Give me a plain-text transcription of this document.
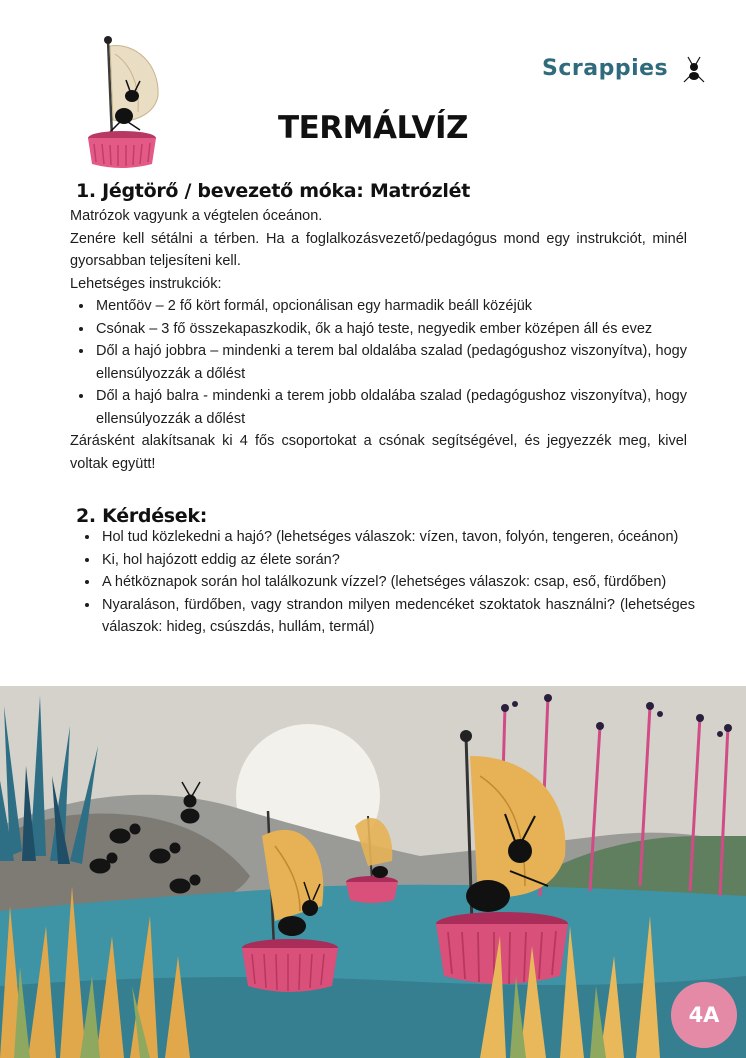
Scrappies
TERMÁLVÍZ
1. Jégtörő / bevezető móka: Matrózlét

Matrózok vagyunk a végtelen óceánon.

Zenére kell sétálni a térben. Ha a foglalkozásvezető/pedagógus mond egy instrukciót, minél gyorsabban teljesíteni kell.

Lehetséges instrukciók:

• Mentőöv – 2 fő kört formál, opcionálisan egy harmadik beáll közéjük
• Csónak – 3 fő összekapaszkodik, ők a hajó teste, negyedik ember középen áll és evez
• Dől a hajó jobbra – mindenki a terem bal oldalába szalad (pedagógushoz viszonyítva), hogy ellensúlyozzák a dőlést
• Dől a hajó balra - mindenki a terem jobb oldalába szalad (pedagógushoz viszonyítva), hogy ellensúlyozzák a dőlést

Zárásként alakítsanak ki 4 fős csoportokat a csónak segítségével, és jegyezzék meg, kivel voltak együtt!

2. Kérdések:
• Hol tud közlekedni a hajó? (lehetséges válaszok: vízen, tavon, folyón, tengeren, óceánon)
• Ki, hol hajózott eddig az élete során?
• A hétköznapok során hol találkozunk vízzel? (lehetséges válaszok: csap, eső, fürdőben)
• Nyaraláson, fürdőben, vagy strandon milyen medencéket szoktatok használni? (lehetséges válaszok: hideg, csúszdás, hullám, termál)
4A
